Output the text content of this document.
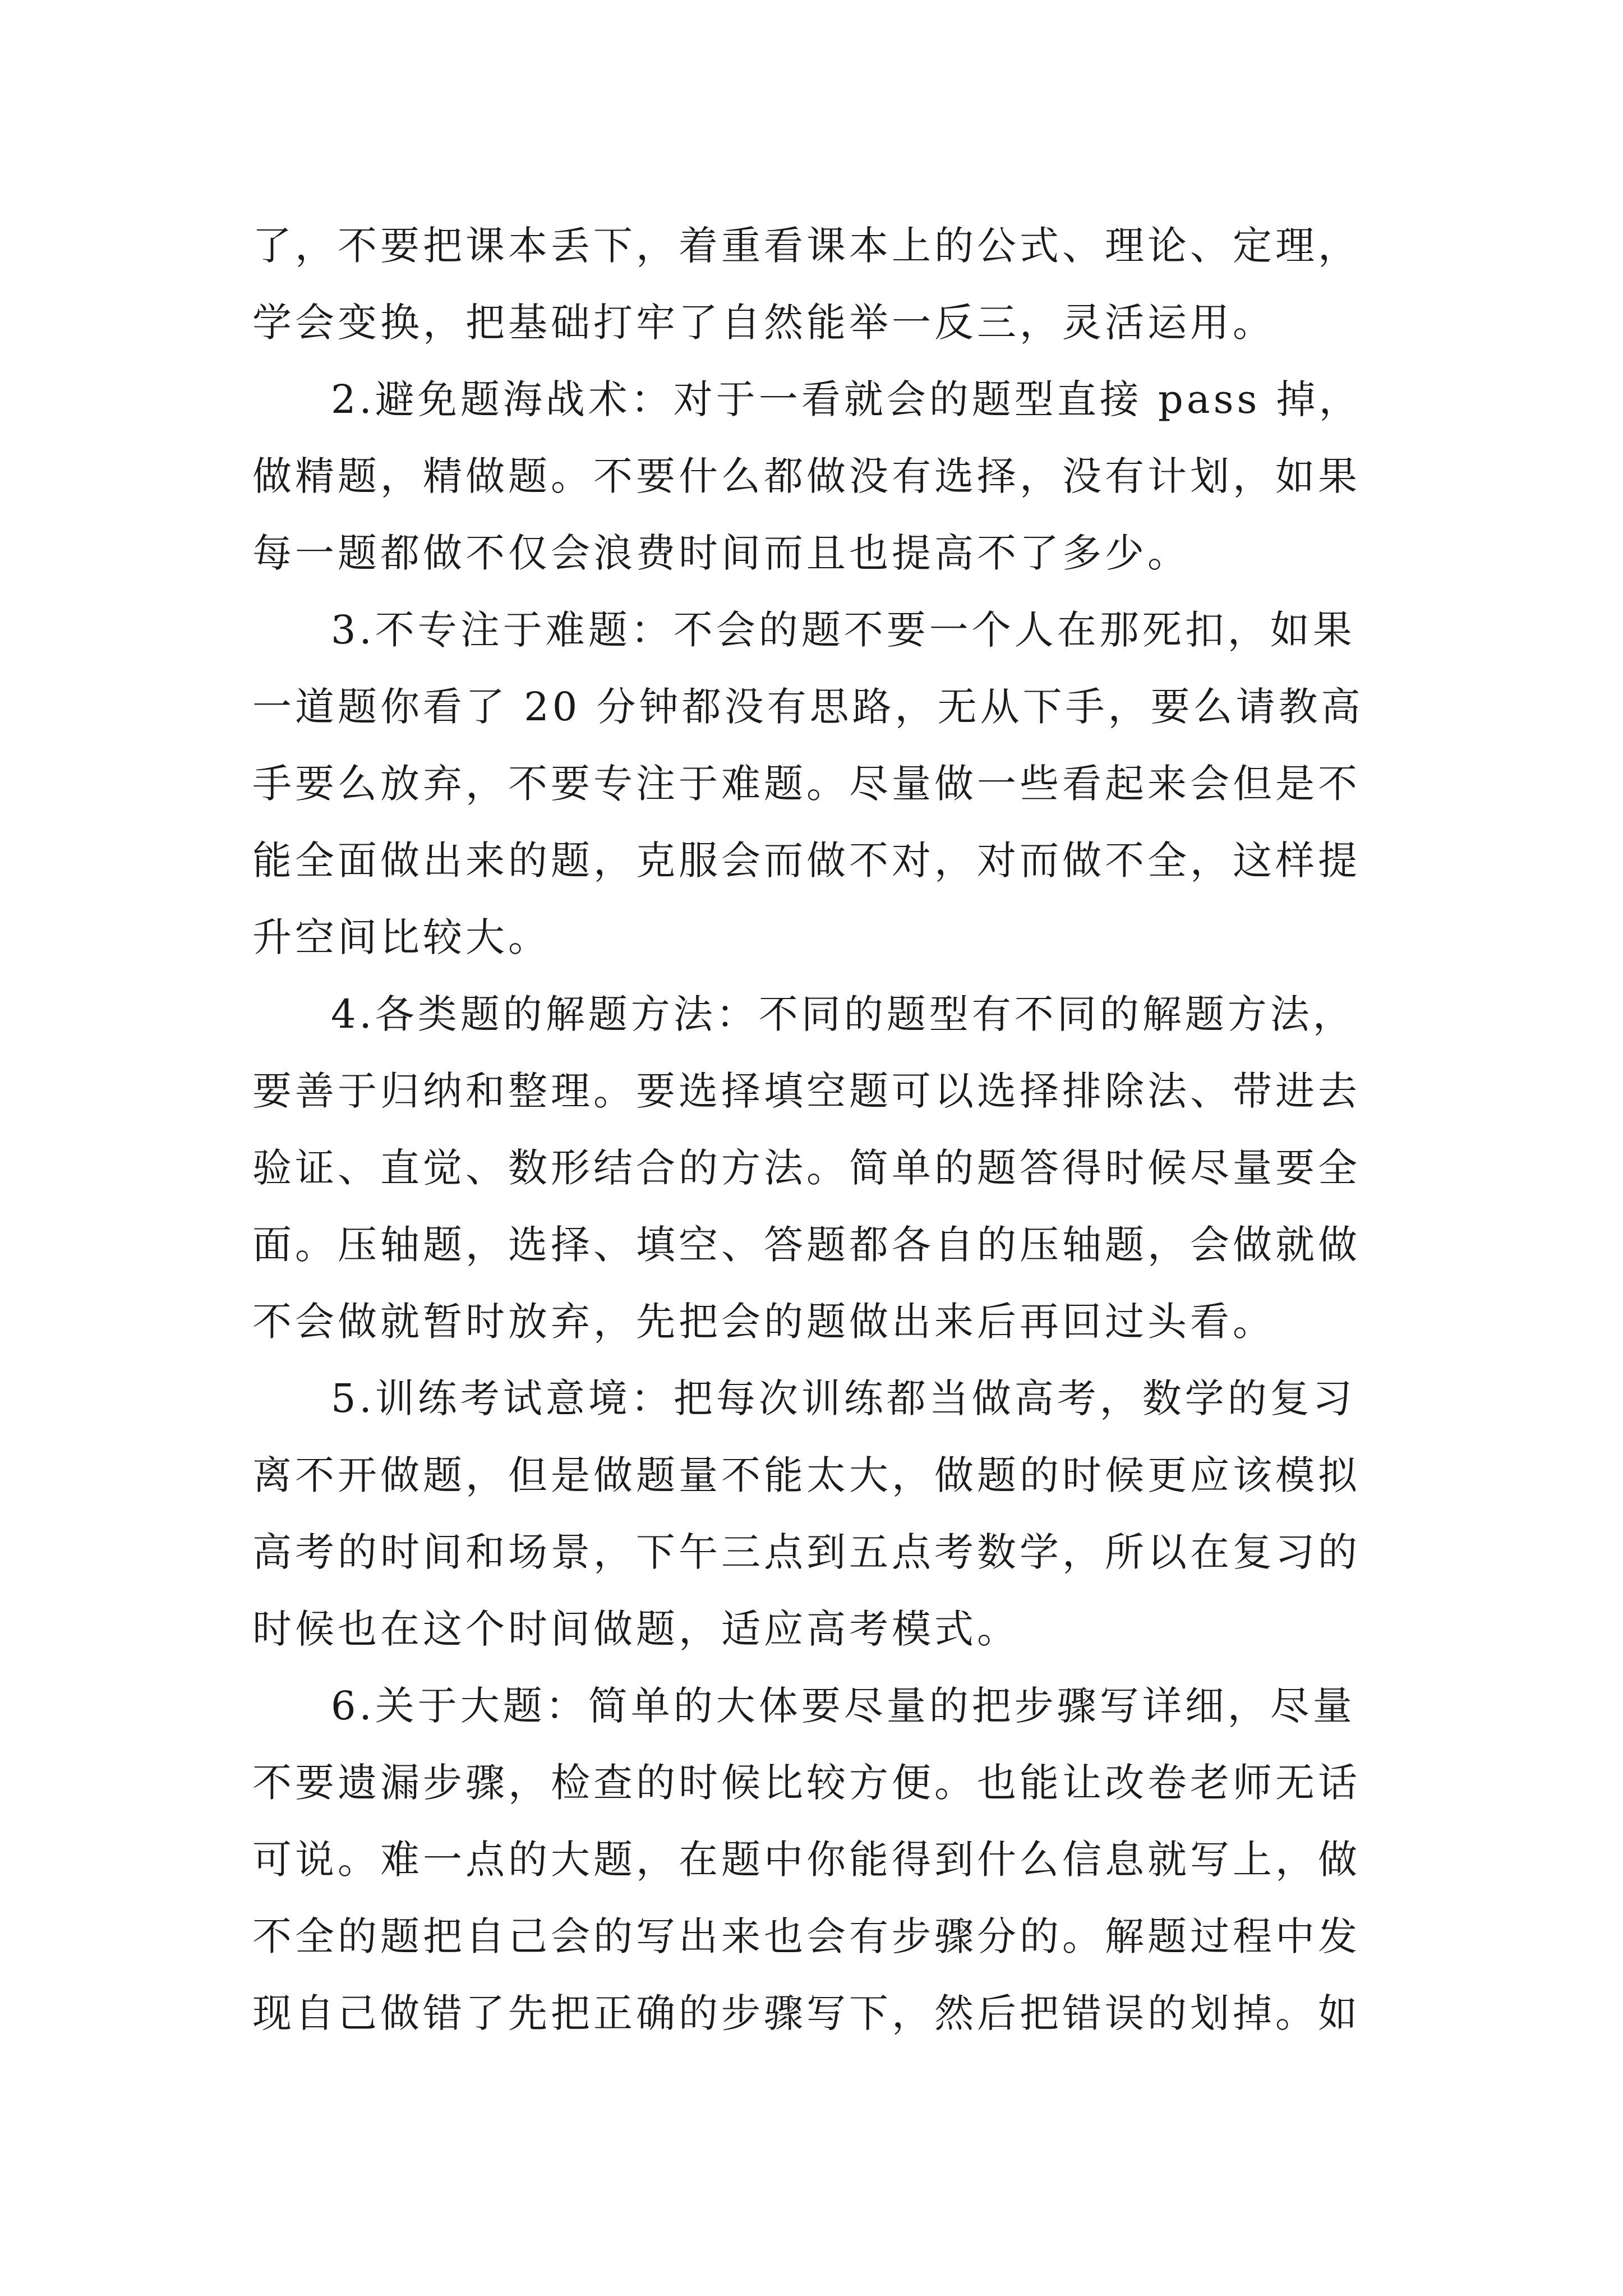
了，不要把课本丢下，着重看课本上的公式、理论、定理，
学会变换，把基础打牢了自然能举一反三，灵活运用。
2.避免题海战术：对于一看就会的题型直接 pass 掉，
做精题，精做题。不要什么都做没有选择，没有计划，如果
每一题都做不仅会浪费时间而且也提高不了多少。
3.不专注于难题：不会的题不要一个人在那死扣，如果
一道题你看了 20 分钟都没有思路，无从下手，要么请教高
手要么放弃，不要专注于难题。尽量做一些看起来会但是不
能全面做出来的题，克服会而做不对，对而做不全，这样提
升空间比较大。
4.各类题的解题方法：不同的题型有不同的解题方法，
要善于归纳和整理。要选择填空题可以选择排除法、带进去
验证、直觉、数形结合的方法。简单的题答得时候尽量要全
面。压轴题，选择、填空、答题都各自的压轴题，会做就做
不会做就暂时放弃，先把会的题做出来后再回过头看。
5.训练考试意境：把每次训练都当做高考，数学的复习
离不开做题，但是做题量不能太大，做题的时候更应该模拟
高考的时间和场景，下午三点到五点考数学，所以在复习的
时候也在这个时间做题，适应高考模式。
6.关于大题：简单的大体要尽量的把步骤写详细，尽量
不要遗漏步骤，检查的时候比较方便。也能让改卷老师无话
可说。难一点的大题，在题中你能得到什么信息就写上，做
不全的题把自己会的写出来也会有步骤分的。解题过程中发
现自己做错了先把正确的步骤写下，然后把错误的划掉。如
